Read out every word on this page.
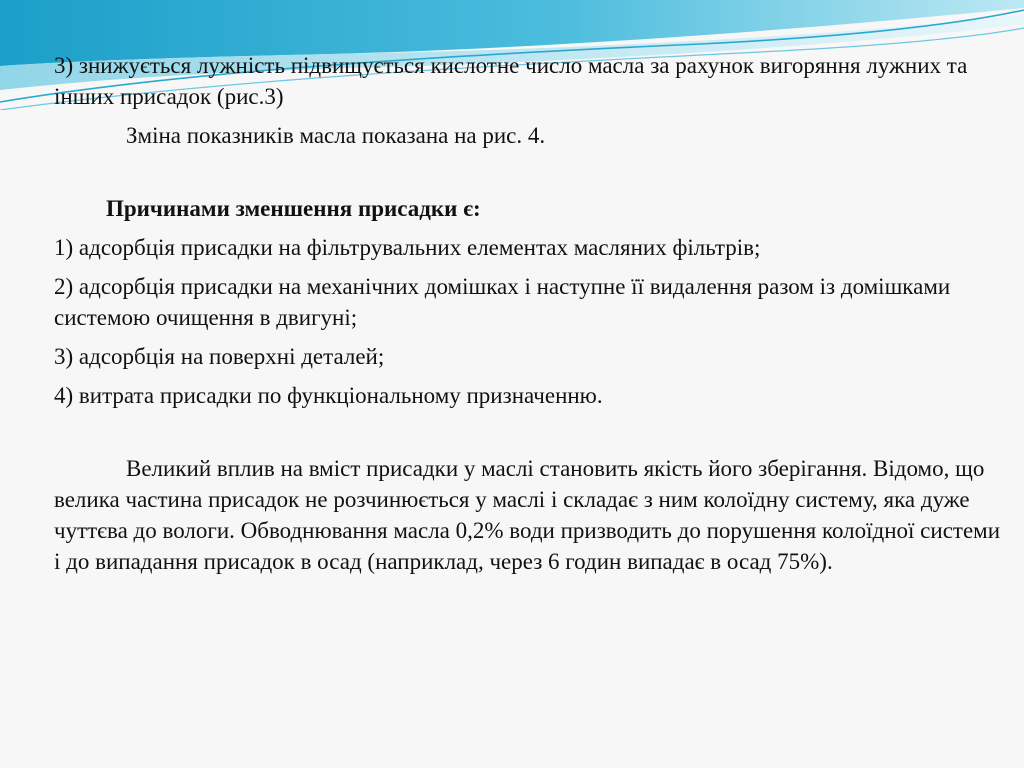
3) знижується лужність підвищується кислотне число масла за рахунок вигоряння лужних та інших присадок (рис.3)

Зміна показників масла показана на рис. 4.

Причинами зменшення присадки є:

1) адсорбція присадки на фільтрувальних елементах масляних фільтрів;

2) адсорбція присадки на механічних домішках і наступне її видалення разом із домішками системою очищення в двигуні;

3) адсорбція на поверхні деталей;

4) витрата присадки по функціональному призначенню.

Великий вплив на вміст присадки у маслі становить якість його зберігання. Відомо, що велика частина присадок не розчинюється у маслі і складає з ним колоїдну систему, яка дуже чуттєва до вологи. Обводнювання масла 0,2% води призводить до порушення колоїдної системи і до випадання присадок в осад (наприклад, через 6 годин випадає в осад 75%).
